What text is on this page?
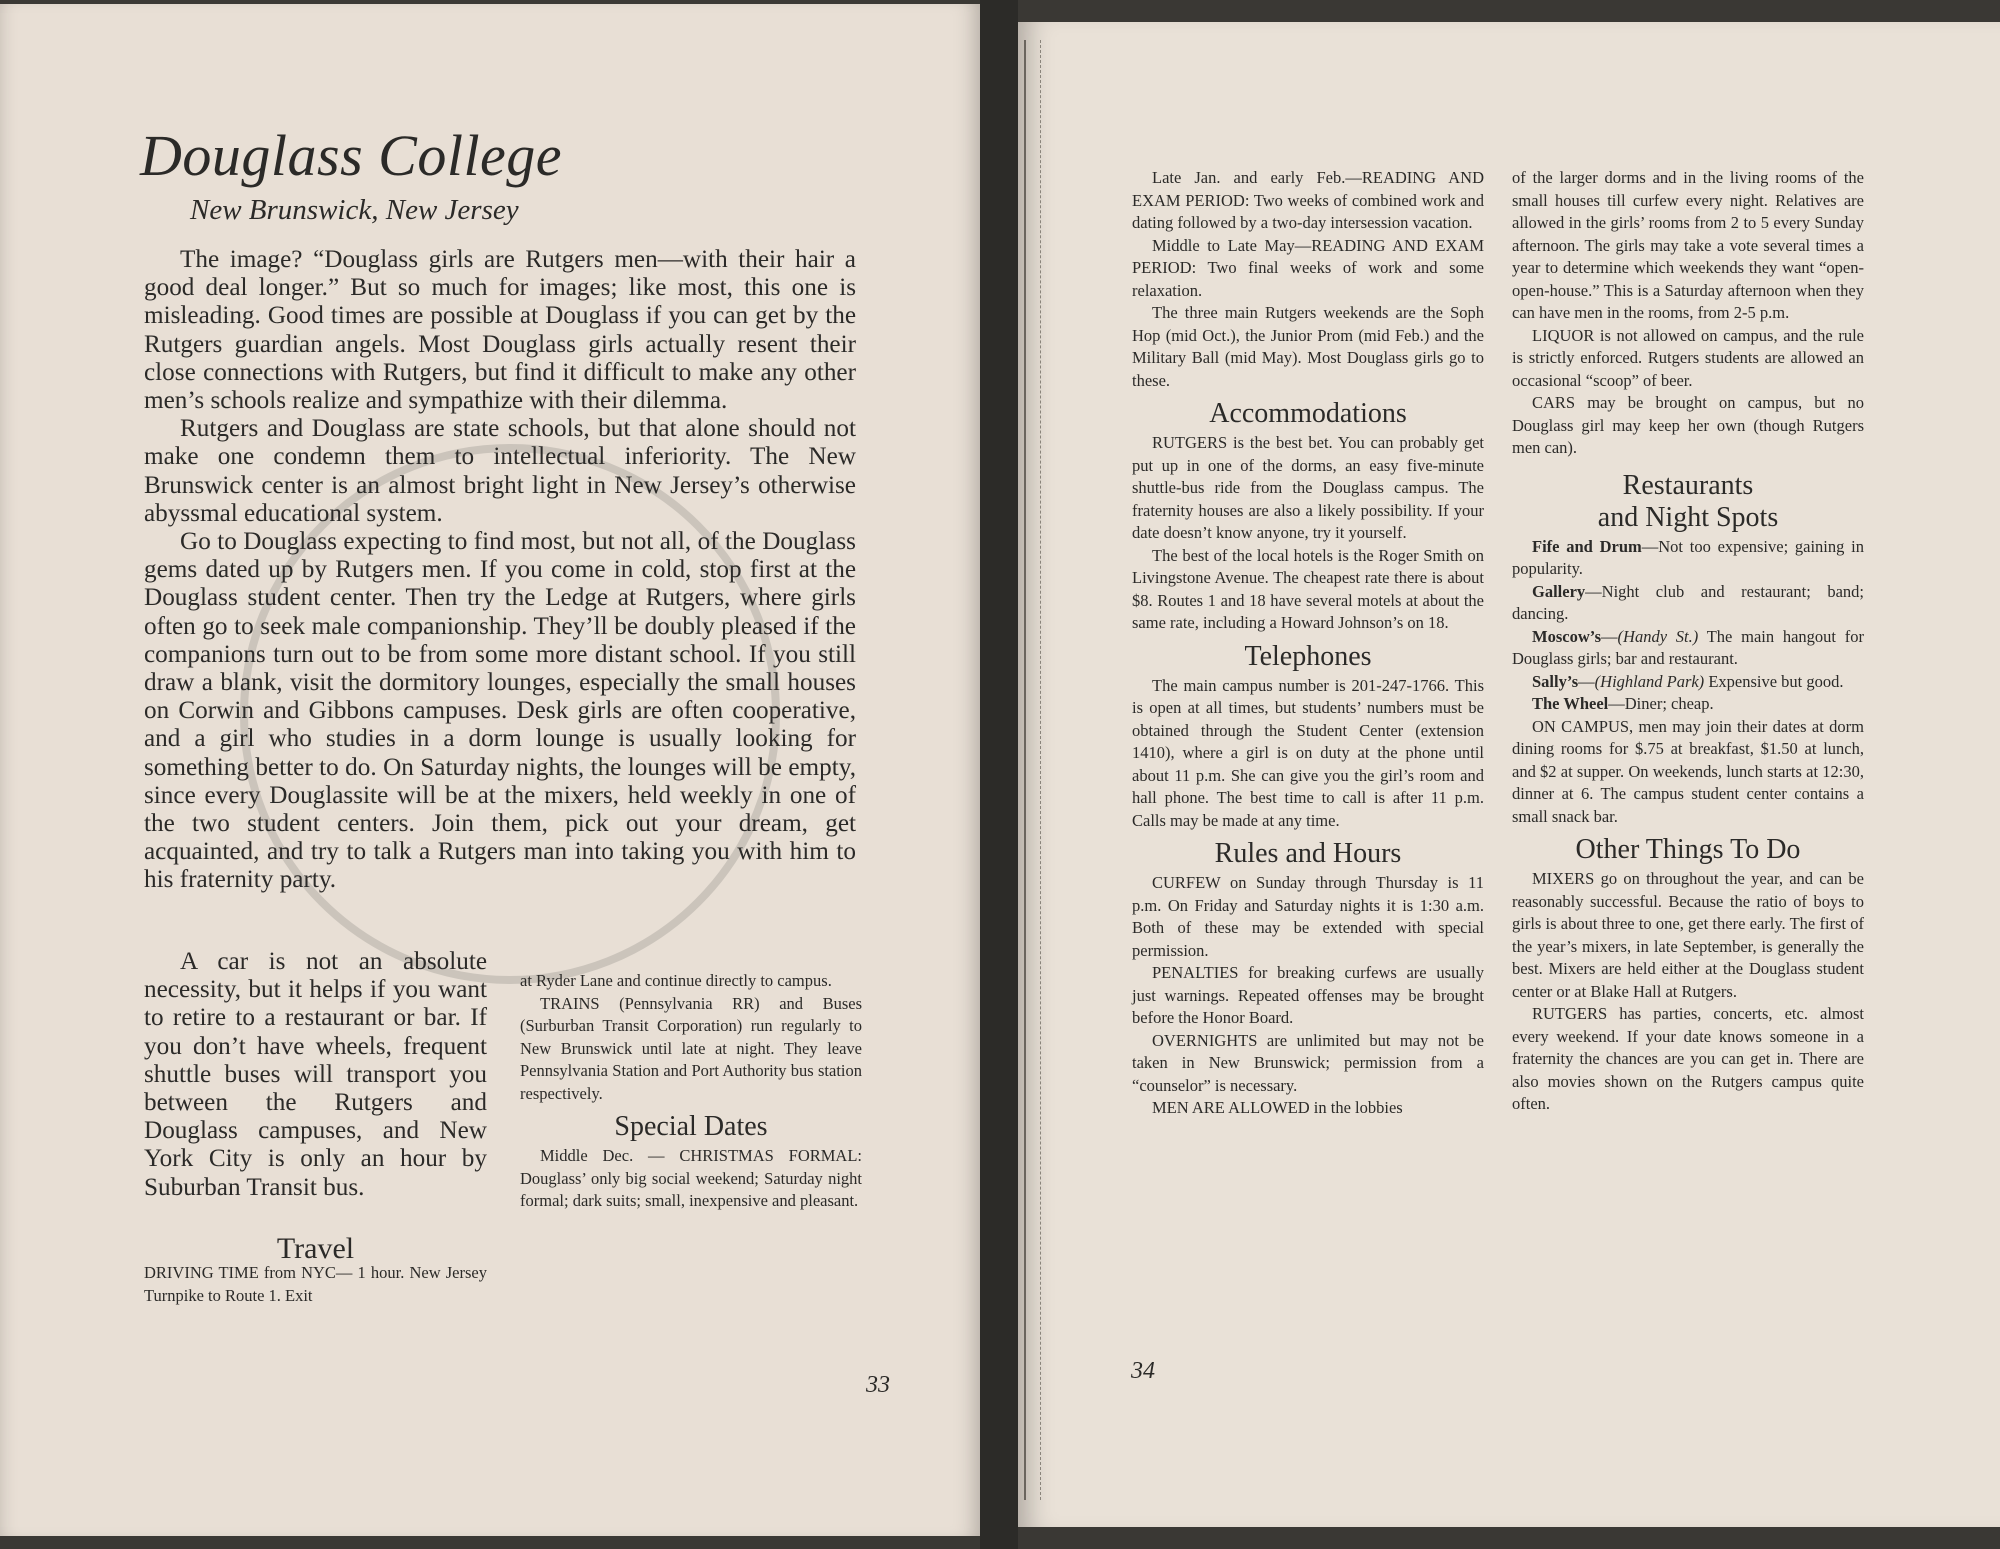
Douglass College
New Brunswick, New Jersey

The image? “Douglass girls are Rutgers men—with their hair a good deal longer.” But so much for images; like most, this one is misleading. Good times are possible at Douglass if you can get by the Rutgers guardian angels. Most Douglass girls actually resent their close connections with Rutgers, but find it difficult to make any other men’s schools realize and sympathize with their dilemma.

Rutgers and Douglass are state schools, but that alone should not make one condemn them to intellectual inferiority. The New Brunswick center is an almost bright light in New Jersey’s otherwise abyssmal educational system.

Go to Douglass expecting to find most, but not all, of the Douglass gems dated up by Rutgers men. If you come in cold, stop first at the Douglass student center. Then try the Ledge at Rutgers, where girls often go to seek male companionship. They’ll be doubly pleased if the companions turn out to be from some more distant school. If you still draw a blank, visit the dormitory lounges, especially the small houses on Corwin and Gibbons campuses. Desk girls are often cooperative, and a girl who studies in a dorm lounge is usually looking for something better to do. On Saturday nights, the lounges will be empty, since every Douglassite will be at the mixers, held weekly in one of the two student centers. Join them, pick out your dream, get acquainted, and try to talk a Rutgers man into taking you with him to his fraternity party.

A car is not an absolute necessity, but it helps if you want to retire to a restaurant or bar. If you don’t have wheels, frequent shuttle buses will transport you between the Rutgers and Douglass campuses, and New York City is only an hour by Suburban Transit bus.

Travel

DRIVING TIME from NYC— 1 hour. New Jersey Turnpike to Route 1. Exit

at Ryder Lane and continue directly to campus.

TRAINS (Pennsylvania RR) and Buses (Surburban Transit Corporation) run regularly to New Brunswick until late at night. They leave Pennsylvania Station and Port Authority bus station respectively.

Special Dates

Middle Dec. — CHRISTMAS FORMAL: Douglass’ only big social weekend; Saturday night formal; dark suits; small, inexpensive and pleasant.

33

Late Jan. and early Feb.—READING AND EXAM PERIOD: Two weeks of combined work and dating followed by a two-day intersession vacation.

Middle to Late May—READING AND EXAM PERIOD: Two final weeks of work and some relaxation.

The three main Rutgers weekends are the Soph Hop (mid Oct.), the Junior Prom (mid Feb.) and the Military Ball (mid May). Most Douglass girls go to these.

Accommodations

RUTGERS is the best bet. You can probably get put up in one of the dorms, an easy five-minute shuttle-bus ride from the Douglass campus. The fraternity houses are also a likely possibility. If your date doesn’t know anyone, try it yourself.

The best of the local hotels is the Roger Smith on Livingstone Avenue. The cheapest rate there is about $8. Routes 1 and 18 have several motels at about the same rate, including a Howard Johnson’s on 18.

Telephones

The main campus number is 201-247-1766. This is open at all times, but students’ numbers must be obtained through the Student Center (extension 1410), where a girl is on duty at the phone until about 11 p.m. She can give you the girl’s room and hall phone. The best time to call is after 11 p.m. Calls may be made at any time.

Rules and Hours

CURFEW on Sunday through Thursday is 11 p.m. On Friday and Saturday nights it is 1:30 a.m. Both of these may be extended with special permission.

PENALTIES for breaking curfews are usually just warnings. Repeated offenses may be brought before the Honor Board.

OVERNIGHTS are unlimited but may not be taken in New Brunswick; permission from a “counselor” is necessary.

MEN ARE ALLOWED in the lobbies

of the larger dorms and in the living rooms of the small houses till curfew every night. Relatives are allowed in the girls’ rooms from 2 to 5 every Sunday afternoon. The girls may take a vote several times a year to determine which weekends they want “open-open-house.” This is a Saturday afternoon when they can have men in the rooms, from 2-5 p.m.

LIQUOR is not allowed on campus, and the rule is strictly enforced. Rutgers students are allowed an occasional “scoop” of beer.

CARS may be brought on campus, but no Douglass girl may keep her own (though Rutgers men can).

Restaurants
and Night Spots

Fife and Drum—Not too expensive; gaining in popularity.

Gallery—Night club and restaurant; band; dancing.

Moscow’s—(Handy St.) The main hangout for Douglass girls; bar and restaurant.

Sally’s—(Highland Park) Expensive but good.

The Wheel—Diner; cheap.

ON CAMPUS, men may join their dates at dorm dining rooms for $.75 at breakfast, $1.50 at lunch, and $2 at supper. On weekends, lunch starts at 12:30, dinner at 6. The campus student center contains a small snack bar.

Other Things To Do

MIXERS go on throughout the year, and can be reasonably successful. Because the ratio of boys to girls is about three to one, get there early. The first of the year’s mixers, in late September, is generally the best. Mixers are held either at the Douglass student center or at Blake Hall at Rutgers.

RUTGERS has parties, concerts, etc. almost every weekend. If your date knows someone in a fraternity the chances are you can get in. There are also movies shown on the Rutgers campus quite often.

34
